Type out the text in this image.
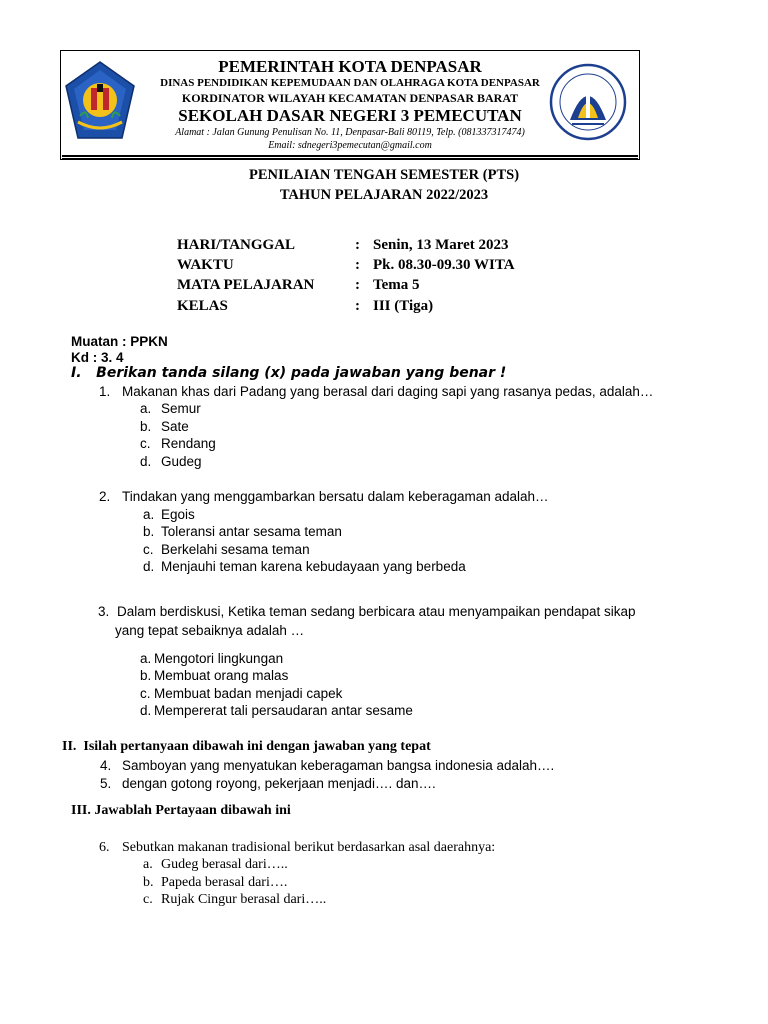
PEMERINTAH KOTA DENPASAR
DINAS PENDIDIKAN KEPEMUDAAN DAN OLAHRAGA KOTA DENPASAR
KORDINATOR WILAYAH KECAMATAN DENPASAR BARAT
SEKOLAH DASAR NEGERI 3 PEMECUTAN
Alamat : Jalan Gunung Penulisan No. 11, Denpasar-Bali 80119, Telp. (081337317474)
Email: sdnegeri3pemecutan@gmail.com
PENILAIAN TENGAH SEMESTER (PTS)
TAHUN PELAJARAN 2022/2023
HARI/TANGGAL	: Senin, 13 Maret 2023
WAKTU	: Pk. 08.30-09.30 WITA
MATA PELAJARAN	: Tema 5
KELAS	: III (Tiga)
Muatan : PPKN
Kd : 3. 4
I.   Berikan tanda silang (x) pada jawaban yang benar !
1. Makanan khas dari Padang yang berasal dari daging sapi yang rasanya pedas, adalah…
a. Semur
b. Sate
c. Rendang
d. Gudeg
2. Tindakan yang menggambarkan bersatu dalam keberagaman adalah…
a. Egois
b. Toleransi antar sesama teman
c. Berkelahi sesama teman
d. Menjauhi teman karena kebudayaan yang berbeda
3. Dalam berdiskusi, Ketika teman sedang berbicara atau menyampaikan pendapat sikap
yang tepat sebaiknya adalah …
a. Mengotori lingkungan
b. Membuat orang malas
c. Membuat badan menjadi capek
d. Mempererat tali persaudaran antar sesame
II.  Isilah pertanyaan dibawah ini dengan jawaban yang tepat
4. Samboyan yang menyatukan keberagaman bangsa indonesia adalah….
5. dengan gotong royong, pekerjaan menjadi…. dan….
III. Jawablah Pertayaan dibawah ini
6. Sebutkan makanan tradisional berikut berdasarkan asal daerahnya:
a. Gudeg berasal dari…..
b. Papeda berasal dari….
c. Rujak Cingur berasal dari…..
